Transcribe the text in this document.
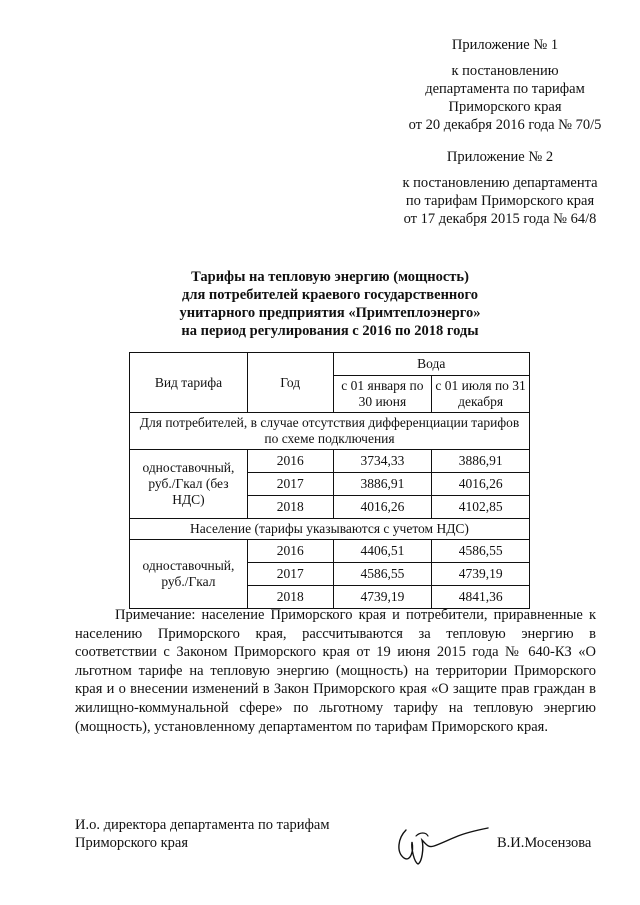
Приложение № 1
к постановлению
департамента по тарифам
Приморского края
от 20 декабря 2016 года № 70/5
Приложение № 2
к постановлению департамента
по тарифам Приморского края
от 17 декабря 2015 года № 64/8
Тарифы на тепловую энергию (мощность)
для потребителей краевого государственного
унитарного предприятия «Примтеплоэнерго»
на период регулирования с 2016 по 2018 годы
Вид тарифа	Год	Вода	
		с 01 января по 30 июня	с 01 июля по 31 декабря
Для потребителей, в случае отсутствия дифференциации тарифов по схеме подключения			
одноставочный, руб./Гкал (без НДС)	2016	3734,33	3886,91
	2017	3886,91	4016,26
	2018	4016,26	4102,85
Население (тарифы указываются с учетом НДС)			
одноставочный, руб./Гкал	2016	4406,51	4586,55
	2017	4586,55	4739,19
	2018	4739,19	4841,36
Примечание: население Приморского края и потребители, приравненные к населению Приморского края, рассчитываются за тепловую энергию в соответствии с Законом Приморского края от 19 июня 2015 года № 640-КЗ «О льготном тарифе на тепловую энергию (мощность) на территории Приморского края и о внесении изменений в Закон Приморского края «О защите прав граждан в жилищно-коммунальной сфере» по льготному тарифу на тепловую энергию (мощность), установленному департаментом по тарифам Приморского края.
И.о. директора департамента по тарифам
Приморского края	В.И.Мосензова
